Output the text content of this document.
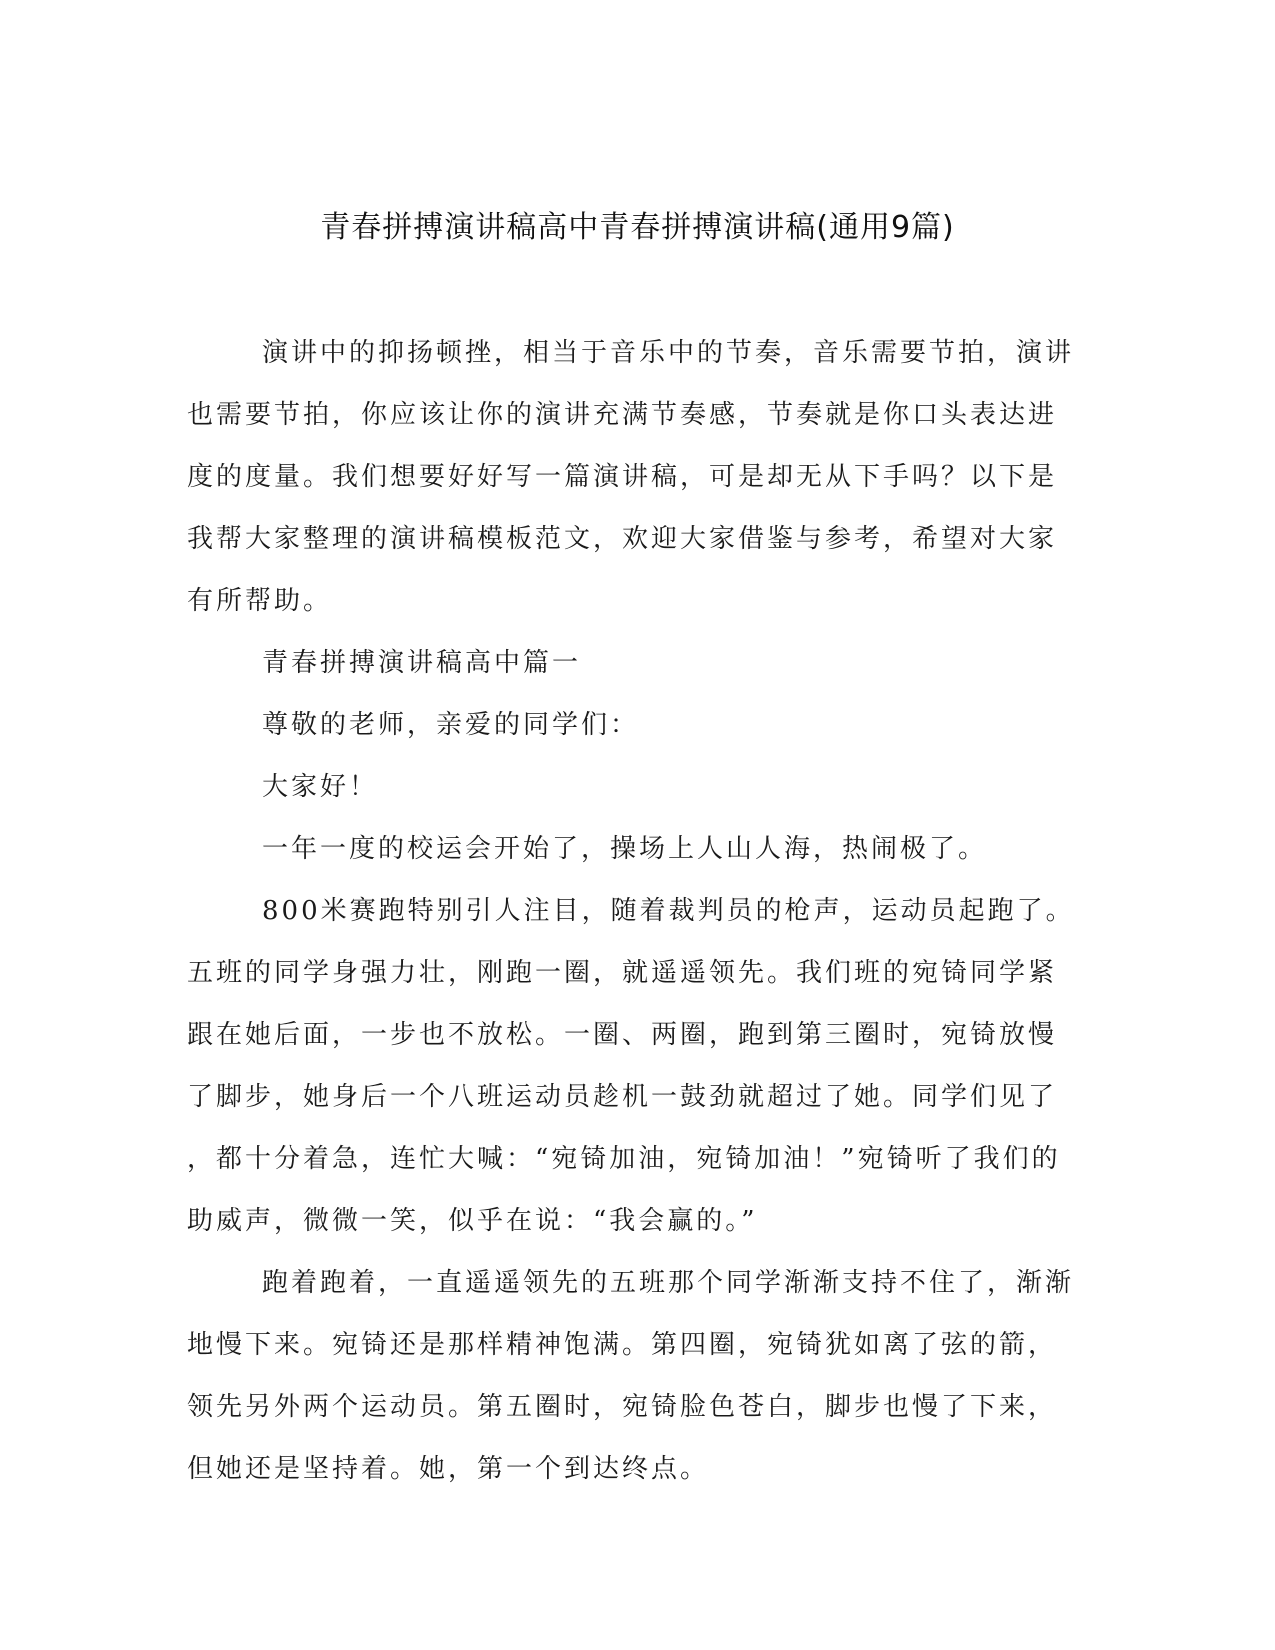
青春拼搏演讲稿高中青春拼搏演讲稿(通用9篇)
演讲中的抑扬顿挫，相当于音乐中的节奏，音乐需要节拍，演讲
也需要节拍，你应该让你的演讲充满节奏感，节奏就是你口头表达进
度的度量。我们想要好好写一篇演讲稿，可是却无从下手吗？以下是
我帮大家整理的演讲稿模板范文，欢迎大家借鉴与参考，希望对大家
有所帮助。
青春拼搏演讲稿高中篇一
尊敬的老师，亲爱的同学们：
大家好！
一年一度的校运会开始了，操场上人山人海，热闹极了。
800米赛跑特别引人注目，随着裁判员的枪声，运动员起跑了。
五班的同学身强力壮，刚跑一圈，就遥遥领先。我们班的宛锜同学紧
跟在她后面，一步也不放松。一圈、两圈，跑到第三圈时，宛锜放慢
了脚步，她身后一个八班运动员趁机一鼓劲就超过了她。同学们见了
，都十分着急，连忙大喊：“宛锜加油，宛锜加油！”宛锜听了我们的
助威声，微微一笑，似乎在说：“我会赢的。”
跑着跑着，一直遥遥领先的五班那个同学渐渐支持不住了，渐渐
地慢下来。宛锜还是那样精神饱满。第四圈，宛锜犹如离了弦的箭，
领先另外两个运动员。第五圈时，宛锜脸色苍白，脚步也慢了下来，
但她还是坚持着。她，第一个到达终点。
